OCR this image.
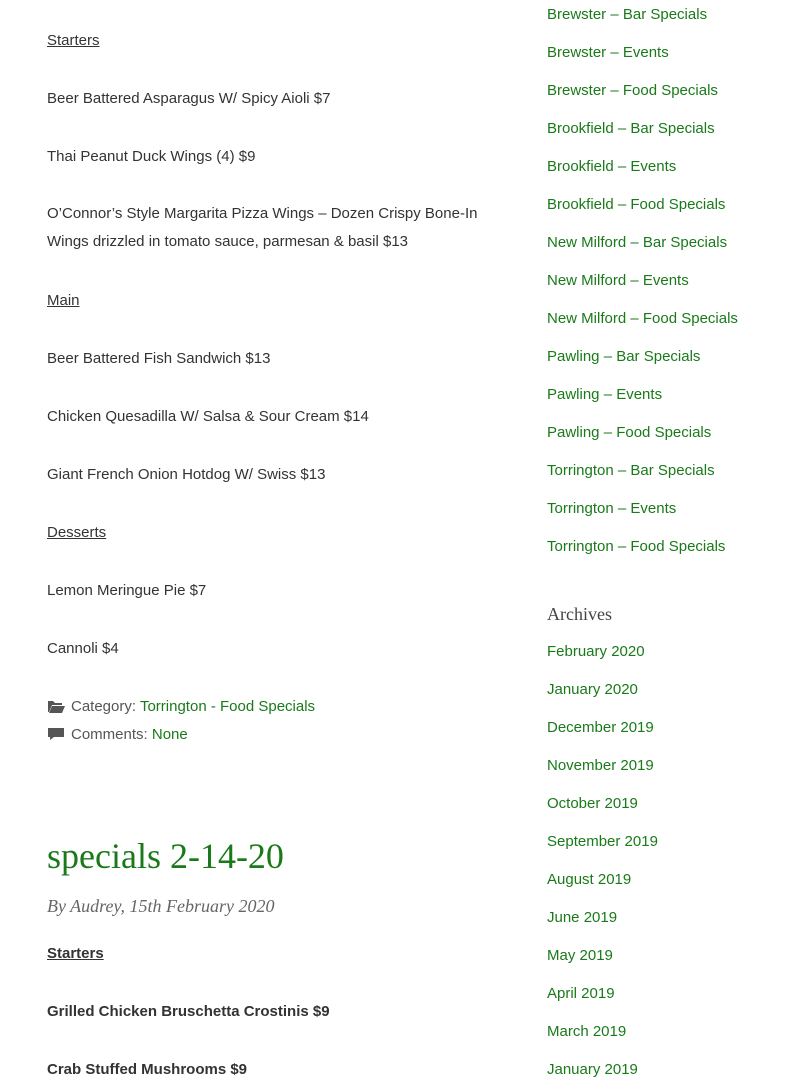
Starters

Beer Battered Asparagus W/ Spicy Aioli $7

Thai Peanut Duck Wings (4) $9

O’Connor’s Style Margarita Pizza Wings – Dozen Crispy Bone-In Wings drizzled in tomato sauce, parmesan & basil $13

Main

Beer Battered Fish Sandwich $13

Chicken Quesadilla W/ Salsa & Sour Cream $14

Giant French Onion Hotdog W/ Swiss $13

Desserts

Lemon Meringue Pie $7

Cannoli $4

Category: Torrington - Food Specials
Comments: None
specials 2-14-20
By Audrey, 15th February 2020

Starters

Grilled Chicken Bruschetta Crostinis $9

Crab Stuffed Mushrooms $9

Brewster – Bar Specials
Brewster – Events
Brewster – Food Specials
Brookfield – Bar Specials
Brookfield – Events
Brookfield – Food Specials
New Milford – Bar Specials
New Milford – Events
New Milford – Food Specials
Pawling – Bar Specials
Pawling – Events
Pawling – Food Specials
Torrington – Bar Specials
Torrington – Events
Torrington – Food Specials
Archives
February 2020
January 2020
December 2019
November 2019
October 2019
September 2019
August 2019
June 2019
May 2019
April 2019
March 2019
January 2019
